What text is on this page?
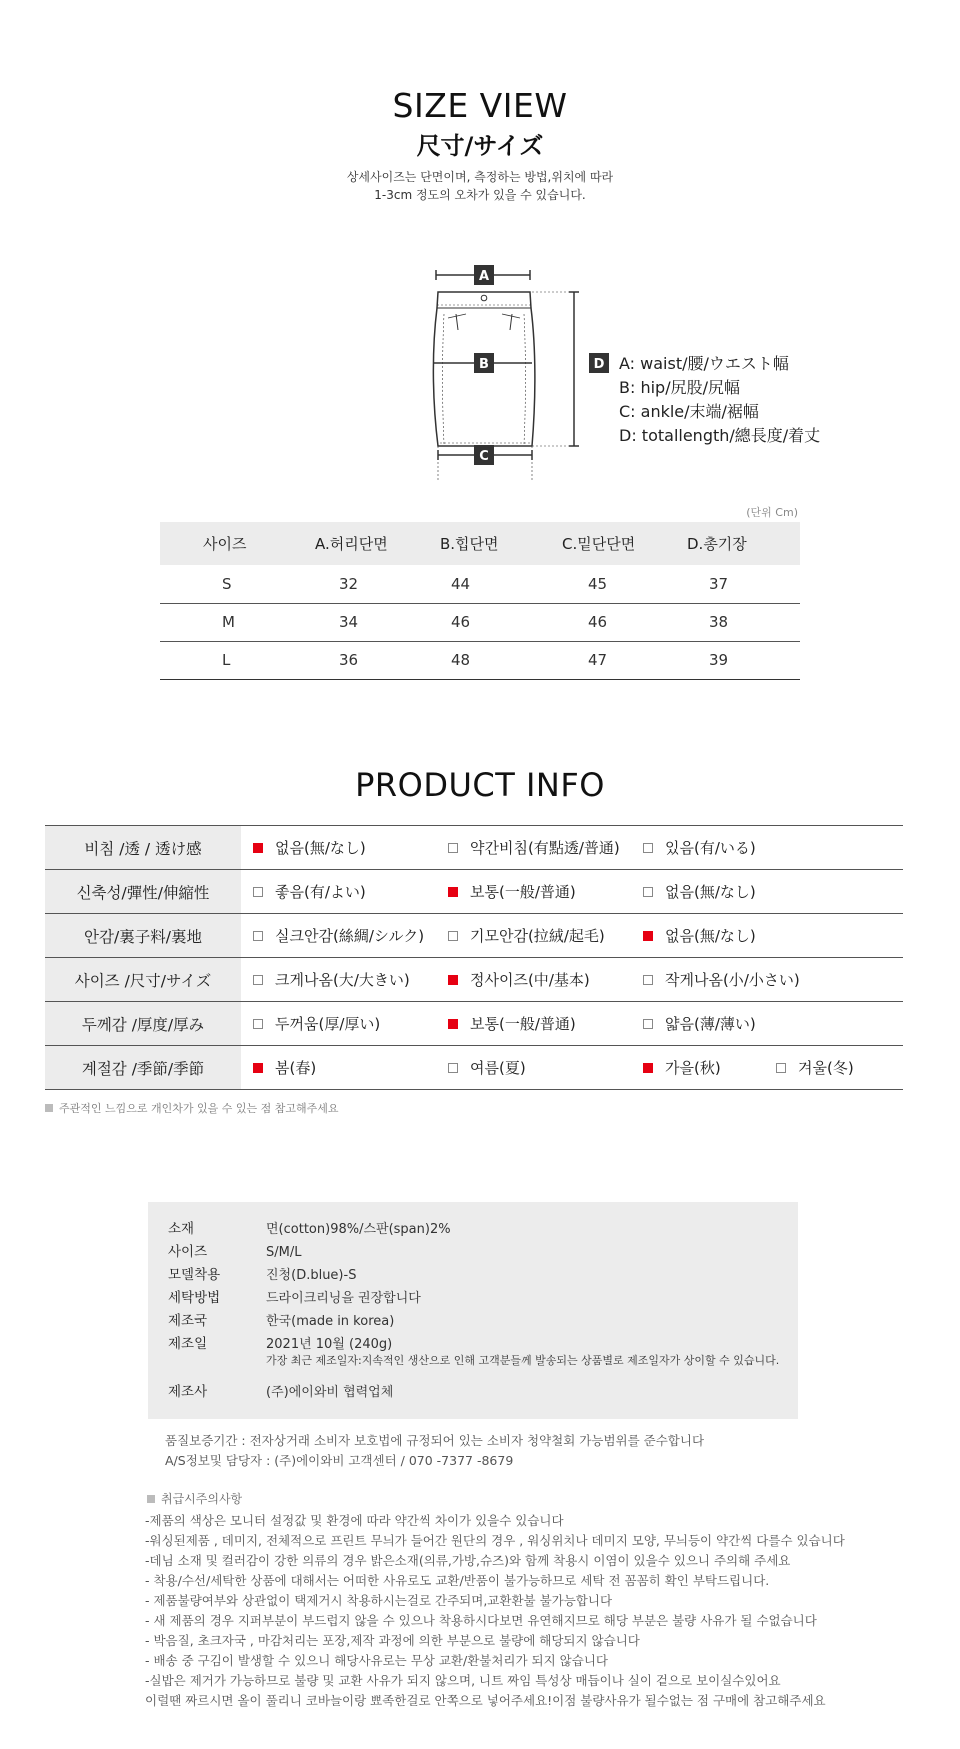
SIZE VIEW
尺寸/サイズ
상세사이즈는 단면이며, 측정하는 방법,위치에 따라
1-3cm 정도의 오차가 있을 수 있습니다.
A
B
C
D A: waist/腰/ウエスト幅
B: hip/尻股/尻幅
C: ankle/末端/裾幅
D: totallength/總長度/着丈
(단위 Cm)
사이즈	A.허리단면	B.힙단면	C.밑단단면	D.총기장
S	32	44	45	37
M	34	46	46	38
L	36	48	47	39
PRODUCT INFO
비침 /透 / 透け感	없음(無/なし)	약간비침(有點透/普通)	있음(有/いる)	

신축성/彈性/伸縮性	좋음(有/よい)	보통(一般/普通)	없음(無/なし)	

안감/裏子料/裏地	실크안감(絲綢/シルク)	기모안감(拉絨/起毛)	없음(無/なし)	

사이즈 /尺寸/サイズ	크게나옴(大/大きい)	정사이즈(中/基本)	작게나옴(小/小さい)	

두께감 /厚度/厚み	두꺼움(厚/厚い)	보통(一般/普通)	얇음(薄/薄い)	

계절감 /季節/季節	봄(春)	여름(夏)	가을(秋)	겨울(冬)
주관적인 느낌으로 개인차가 있을 수 있는 점 참고해주세요
소재	면(cotton)98%/스판(span)2%
사이즈	S/M/L
모델착용	진청(D.blue)-S
세탁방법	드라이크리닝을 권장합니다
제조국	한국(made in korea)
제조일	2021년 10월 (240g)
가장 최근 제조일자:지속적인 생산으로 인해 고객분들께 발송되는 상품별로 제조일자가 상이할 수 있습니다.
제조사	(주)에이와비 협력업체
품질보증기간 : 전자상거래 소비자 보호법에 규정되어 있는 소비자 청약철회 가능범위를 준수합니다
A/S정보및 담당자 : (주)에이와비 고객센터 / 070 -7377 -8679
취급시주의사항
-제품의 색상은 모니터 설정값 및 환경에 따라 약간씩 차이가 있을수 있습니다
-워싱된제품 , 데미지, 전체적으로 프린트 무늬가 들어간 원단의 경우 , 워싱위치나 데미지 모양, 무늬등이 약간씩 다를수 있습니다
-데님 소재 및 컬러감이 강한 의류의 경우 밝은소재(의류,가방,슈즈)와 함께 착용시 이염이 있을수 있으니 주의해 주세요
- 착용/수선/세탁한 상품에 대해서는 어떠한 사유로도 교환/반품이 불가능하므로 세탁 전 꼼꼼히 확인 부탁드립니다.
- 제품불량여부와 상관없이 택제거시 착용하시는걸로 간주되며,교환환불 불가능합니다
- 새 제품의 경우 지퍼부분이 부드럽지 않을 수 있으나 착용하시다보면 유연해지므로 해당 부분은 불량 사유가 될 수없습니다
- 박음질, 초크자국 , 마감처리는 포장,제작 과정에 의한 부분으로 불량에 해당되지 않습니다
- 배송 중 구김이 발생할 수 있으니 해당사유로는 무상 교환/환불처리가 되지 않습니다
-실밥은 제거가 가능하므로 불량 및 교환 사유가 되지 않으며, 니트 짜임 특성상 매듭이나 실이 겉으로 보이실수있어요
이럴땐 짜르시면 올이 풀리니 코바늘이랑 뾰족한걸로 안쪽으로 넣어주세요!이점 불량사유가 될수없는 점 구매에 참고해주세요
